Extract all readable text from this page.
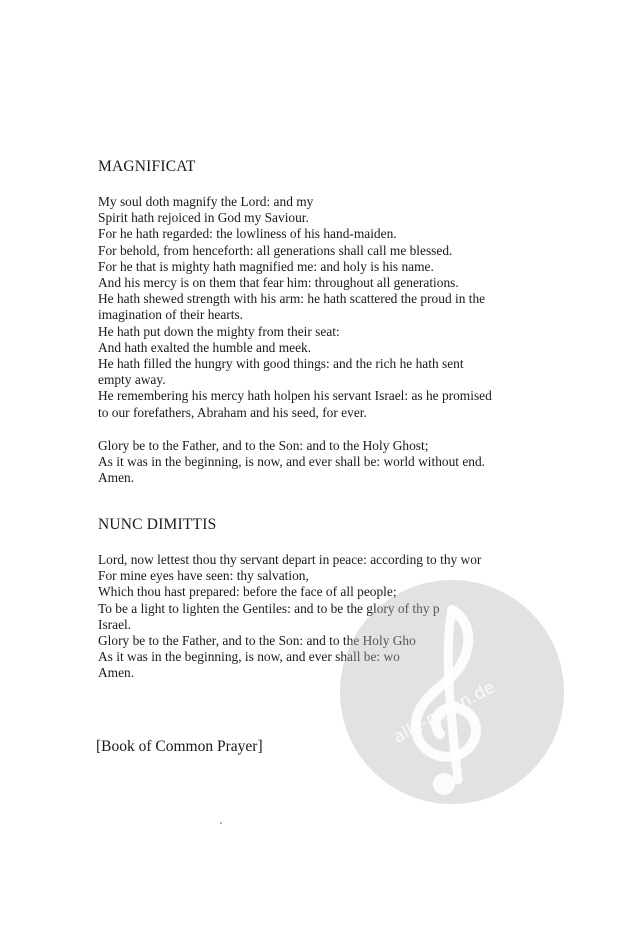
MAGNIFICAT

My soul doth magnify the Lord: and my

Spirit hath rejoiced in God my Saviour.

For he hath regarded: the lowliness of his hand-maiden.

For behold, from henceforth: all generations shall call me blessed.

For he that is mighty hath magnified me: and holy is his name.

And his mercy is on them that fear him: throughout all generations.

He hath shewed strength with his arm: he hath scattered the proud in the

imagination of their hearts.

He hath put down the mighty from their seat:

And hath exalted the humble and meek.

He hath filled the hungry with good things: and the rich he hath sent

empty away.

He remembering his mercy hath holpen his servant Israel: as he promised

to our forefathers, Abraham and his seed, for ever.

Glory be to the Father, and to the Son: and to the Holy Ghost;

As it was in the beginning, is now, and ever shall be: world without end.

Amen.

NUNC DIMITTIS

Lord, now lettest thou thy servant depart in peace: according to thy wor

For mine eyes have seen: thy salvation,

Which thou hast prepared: before the face of all people;

To be a light to lighten the Gentiles: and to be the glory of thy p

Israel.

Glory be to the Father, and to the Son: and to the Holy Gho

As it was in the beginning, is now, and ever shall be: wo

Amen.

[Book of Common Prayer]	alle-noten.de
